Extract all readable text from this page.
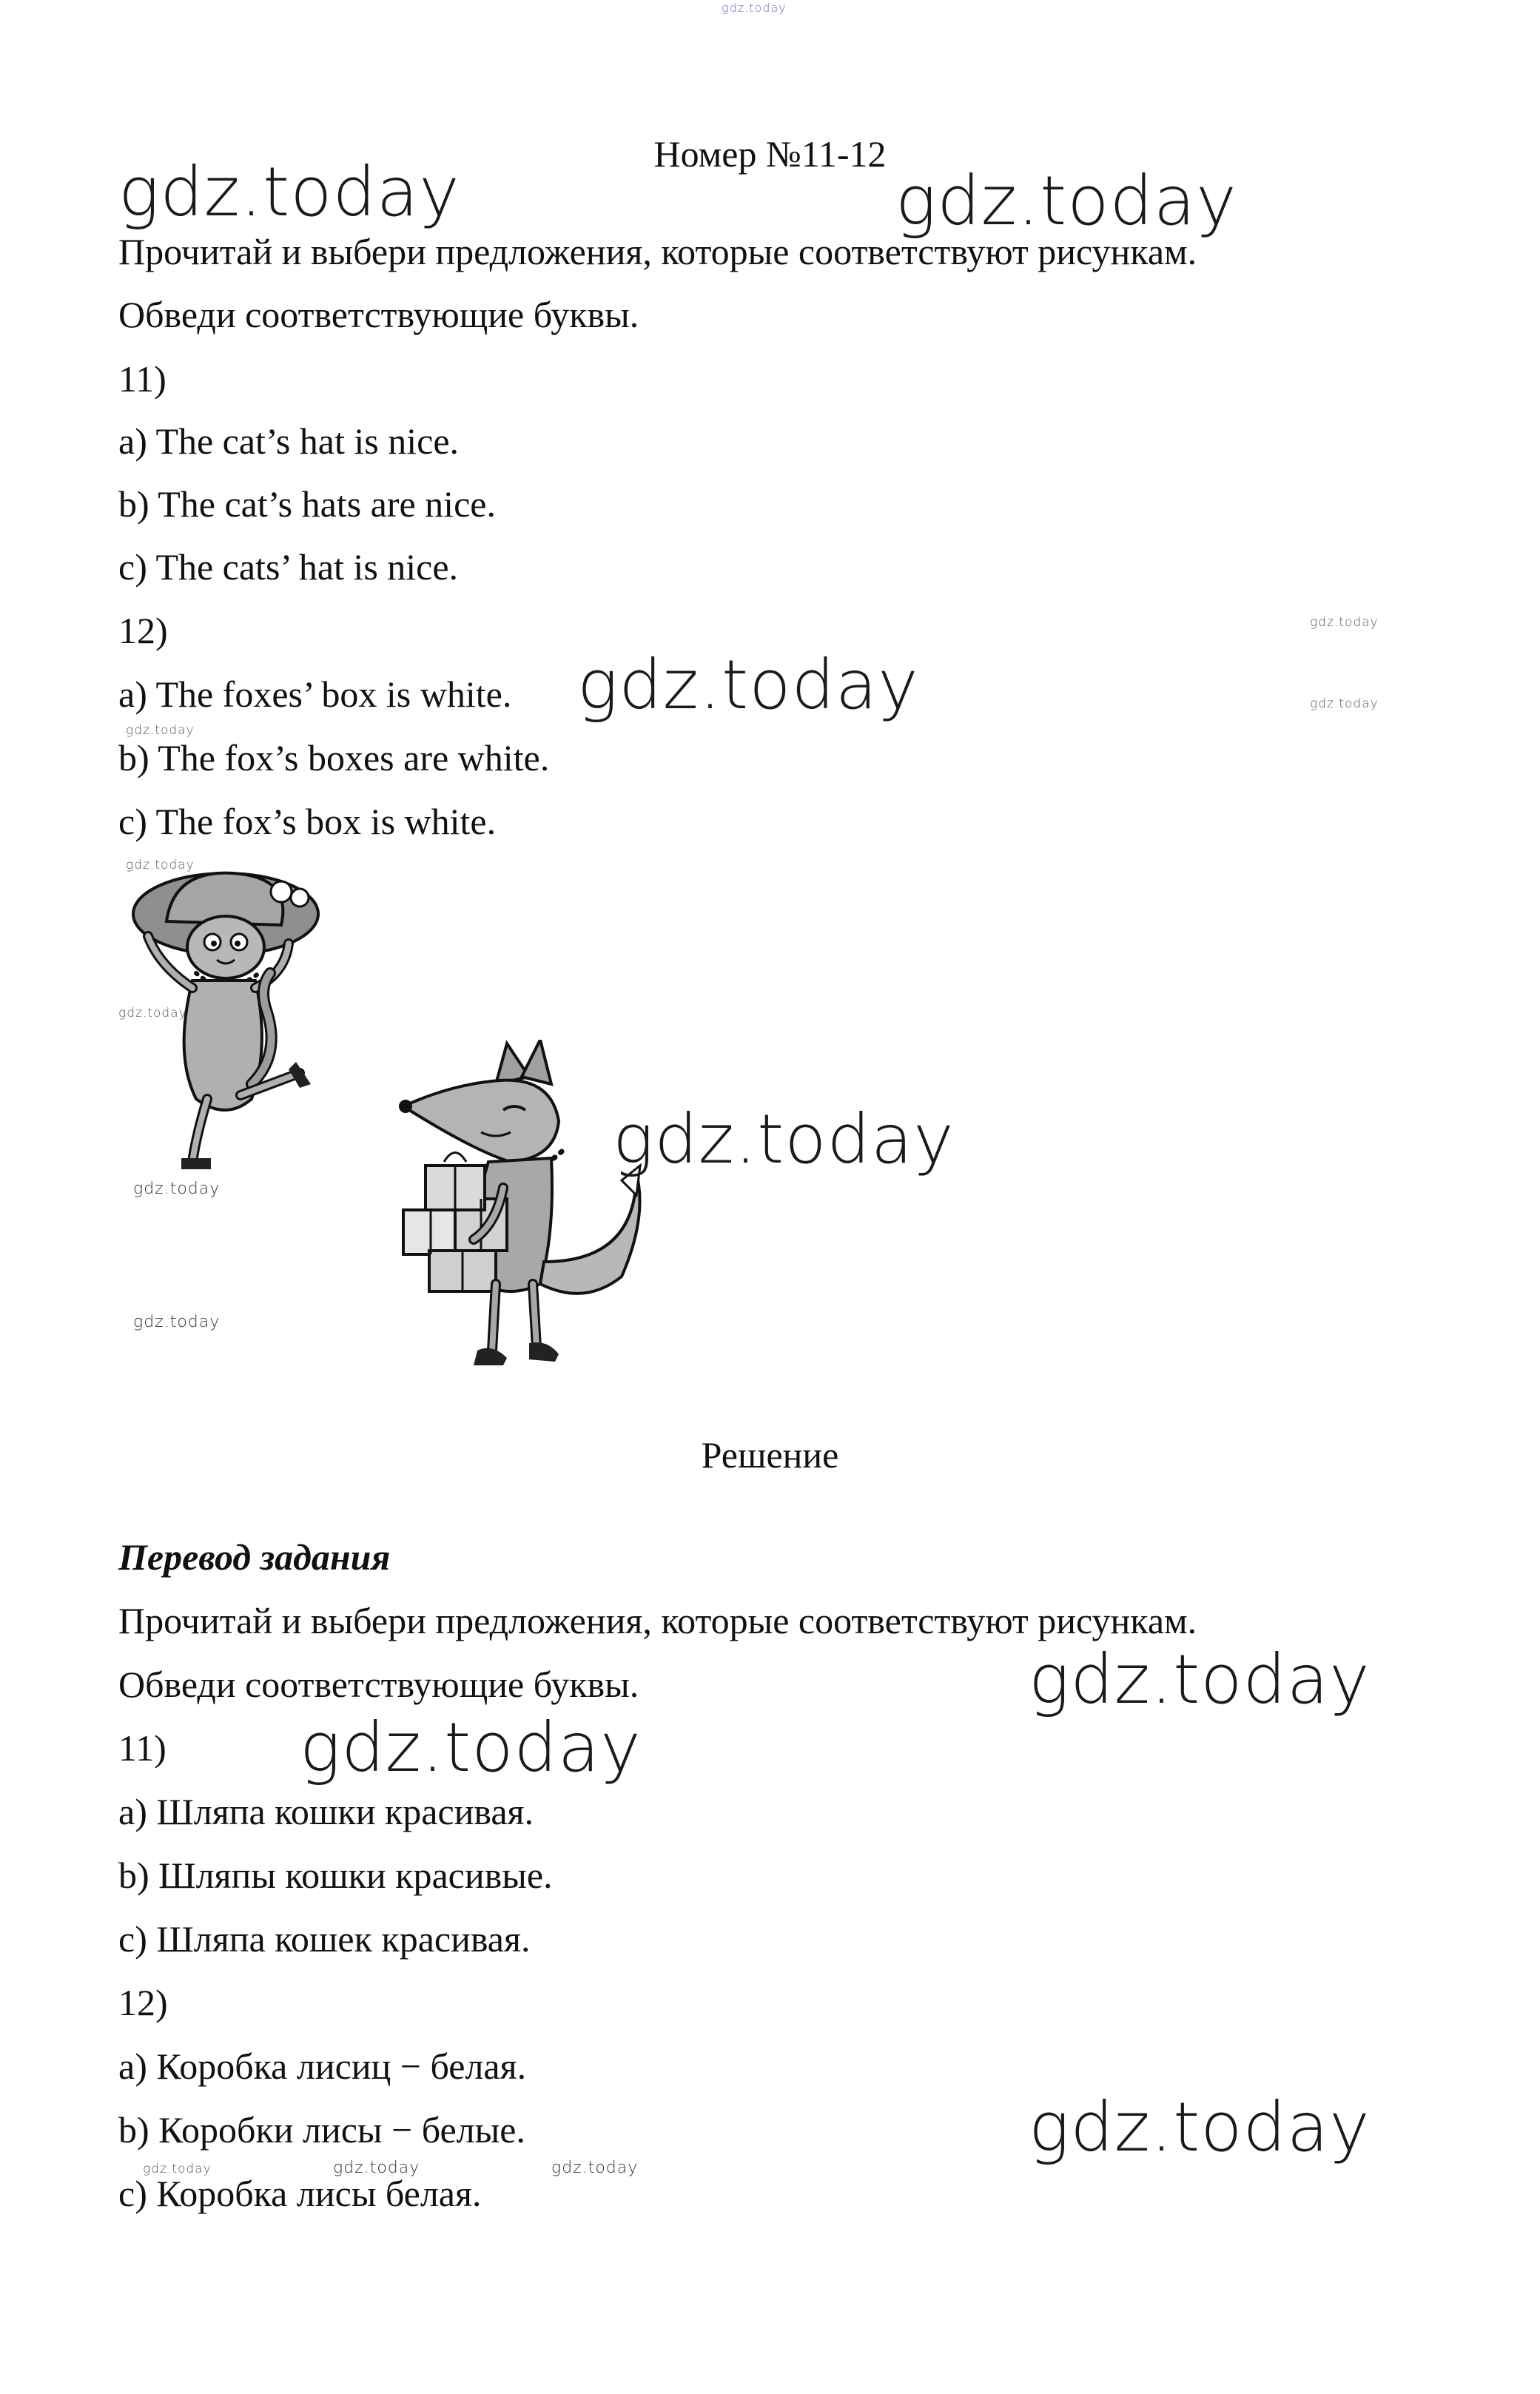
gdz.today
Номер №11-12
Прочитай и выбери предложения, которые соответствуют рисункам.
Обведи соответствующие буквы.
11)
a) The cat’s hat is nice.
b) The cat’s hats are nice.
c) The cats’ hat is nice.
12)
a) The foxes’ box is white.
b) The fox’s boxes are white.
c) The fox’s box is white.
Решение
Перевод задания
Прочитай и выбери предложения, которые соответствуют рисункам.
Обведи соответствующие буквы.
11)
a) Шляпа кошки красивая.
b) Шляпы кошки красивые.
c) Шляпа кошек красивая.
12)
a) Коробка лисиц − белая.
b) Коробки лисы − белые.
c) Коробка лисы белая.
gdz.today	gdz.today
gdz.today
gdz.today
gdz.today
gdz.today
gdz.today
gdz.today
gdz.today
gdz.today	gdz.today
gdz.today
gdz.today
gdz.today
gdz.today
gdz.today
gdz.today
